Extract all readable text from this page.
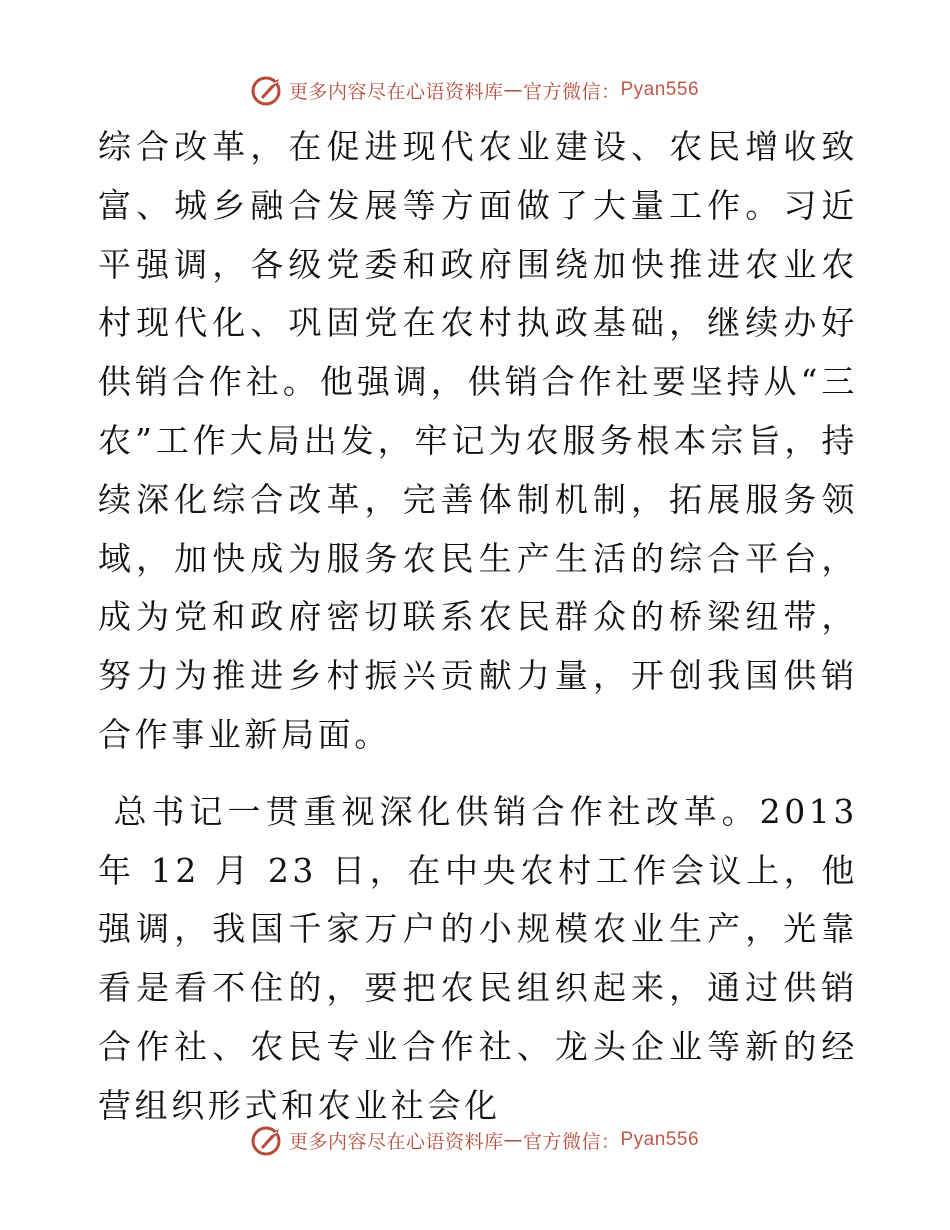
更多内容尽在心语资料库 — 官方微信： Pyan556

综合改革，在促进现代农业建设、农民增收致富、城乡融合发展等方面做了大量工作。习近平强调，各级党委和政府围绕加快推进农业农村现代化、巩固党在农村执政基础，继续办好供销合作社。他强调，供销合作社要坚持从“三农”工作大局出发，牢记为农服务根本宗旨，持续深化综合改革，完善体制机制，拓展服务领域，加快成为服务农民生产生活的综合平台，成为党和政府密切联系农民群众的桥梁纽带，努力为推进乡村振兴贡献力量，开创我国供销合作事业新局面。

总书记一贯重视深化供销合作社改革。2013 年 12 月 23 日，在中央农村工作会议上，他强调，我国千家万户的小规模农业生产，光靠看是看不住的，要把农民组织起来，通过供销合作社、农民专业合作社、龙头企业等新的经营组织形式和农业社会化

更多内容尽在心语资料库 — 官方微信： Pyan556
